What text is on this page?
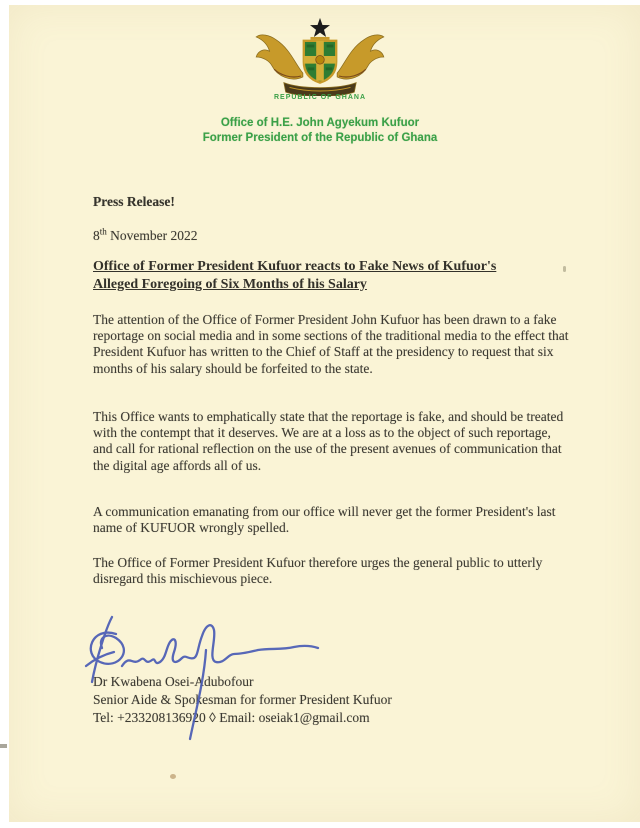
REPUBLIC OF GHANA
Office of H.E. John Agyekum Kufuor
Former President of the Republic of Ghana
Press Release!
8th November 2022
Office of Former President Kufuor reacts to Fake News of Kufuor's
Alleged Foregoing of Six Months of his Salary
The attention of the Office of Former President John Kufuor has been drawn to a fake reportage on social media and in some sections of the traditional media to the effect that President Kufuor has written to the Chief of Staff at the presidency to request that six months of his salary should be forfeited to the state.
This Office wants to emphatically state that the reportage is fake, and should be treated with the contempt that it deserves. We are at a loss as to the object of such reportage, and call for rational reflection on the use of the present avenues of communication that the digital age affords all of us.
A communication emanating from our office will never get the former President's last name of KUFUOR wrongly spelled.
The Office of Former President Kufuor therefore urges the general public to utterly disregard this mischievous piece.
Dr Kwabena Osei-Adubofour
Senior Aide & Spokesman for former President Kufuor
Tel: +233208136920 ◊ Email: oseiak1@gmail.com
